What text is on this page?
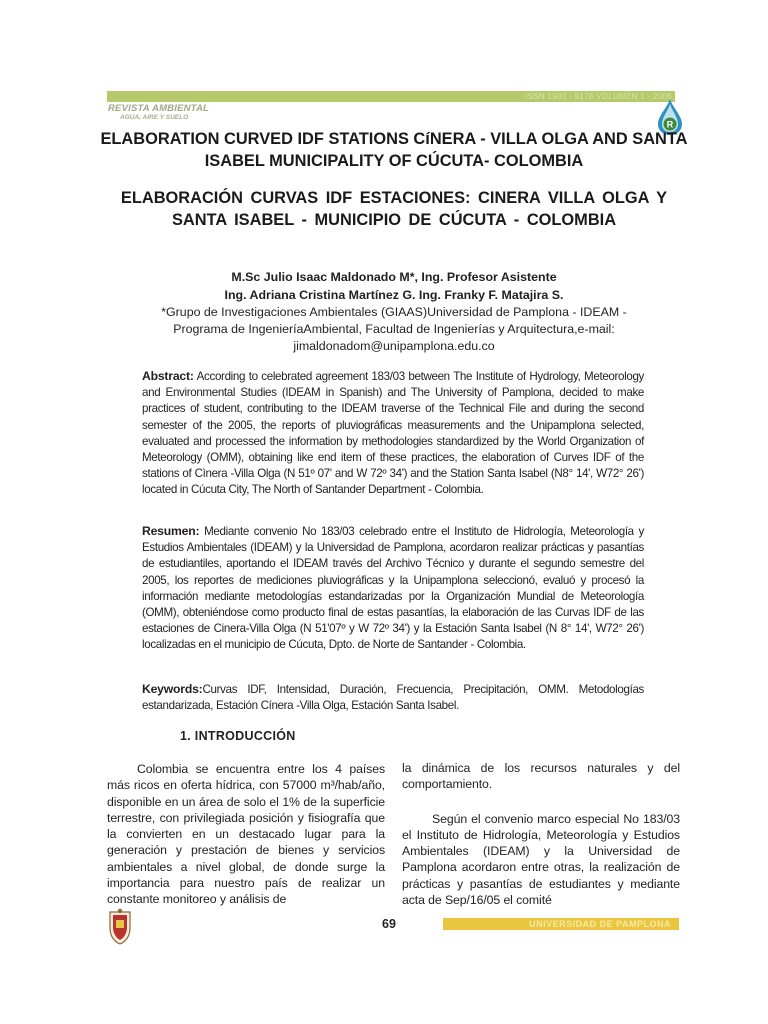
ISSN 1900 - 9178 VOLUMEN 1 - 2006
REVISTA AMBIENTAL
AGUA, AIRE Y SUELO
R
ELABORATION CURVED IDF STATIONS CíNERA - VILLA OLGA AND SANTA ISABEL MUNICIPALITY OF CÚCUTA- COLOMBIA
ELABORACIÓN CURVAS IDF ESTACIONES: CINERA VILLA OLGA Y SANTA ISABEL - MUNICIPIO DE CÚCUTA - COLOMBIA
M.Sc Julio Isaac Maldonado M*, Ing. Profesor Asistente
Ing. Adriana Cristina Martínez G. Ing. Franky F. Matajira S.
*Grupo de Investigaciones Ambientales (GIAAS)Universidad de Pamplona - IDEAM -
Programa de IngenieríaAmbiental, Facultad de Ingenierías y Arquitectura,e-mail:
jimaldonadom@unipamplona.edu.co

Abstract: According to celebrated agreement 183/03 between The Institute of Hydrology, Meteorology and Environmental Studies (IDEAM in Spanish) and The University of Pamplona, decided to make practices of student, contributing to the IDEAM traverse of the Technical File and during the second semester of the 2005, the reports of pluviográficas measurements and the Unipamplona selected, evaluated and processed the information by methodologies standardized by the World Organization of Meteorology (OMM), obtaining like end item of these practices, the elaboration of Curves IDF of the stations of Cìnera -Villa Olga (N 51º 07' and W 72º 34') and the Station Santa Isabel (N8° 14', W72° 26') located in Cúcuta City, The North of Santander Department - Colombia.

Resumen: Mediante convenio No 183/03 celebrado entre el Instituto de Hidrología, Meteorología y Estudios Ambientales (IDEAM) y la Universidad de Pamplona, acordaron realizar prácticas y pasantías de estudiantiles, aportando el IDEAM través del Archivo Técnico y durante el segundo semestre del 2005, los reportes de mediciones pluviográficas y la Unipamplona seleccionó, evaluó y procesó la información mediante metodologías estandarizadas por la Organización Mundial de Meteorología (OMM), obteniéndose como producto final de estas pasantías, la elaboración de las Curvas IDF de las estaciones de Cinera-Villa Olga (N 51'07º y W 72º 34') y la Estación Santa Isabel (N 8° 14', W72° 26') localizadas en el municipio de Cúcuta, Dpto. de Norte de Santander - Colombia.

Keywords:Curvas IDF, Intensidad, Duración, Frecuencia, Precipitación, OMM. Metodologías estandarizada, Estación Cínera -Villa Olga, Estación Santa Isabel.

1. INTRODUCCIÓN

Colombia se encuentra entre los 4 países más ricos en oferta hídrica, con 57000 m³/hab/año, disponible en un área de solo el 1% de la superficie terrestre, con privilegiada posición y fisiografía que la convierten en un destacado lugar para la generación y prestación de bienes y servicios ambientales a nivel global, de donde surge la importancia para nuestro país de realizar un constante monitoreo y análisis de

la dinámica de los recursos naturales y del comportamiento.

Según el convenio marco especial No 183/03 el Instituto de Hidrología, Meteorología y Estudios Ambientales (IDEAM) y la Universidad de Pamplona acordaron entre otras, la realización de prácticas y pasantías de estudiantes y mediante acta de Sep/16/05 el comité

69	UNIVERSIDAD DE PAMPLONA
